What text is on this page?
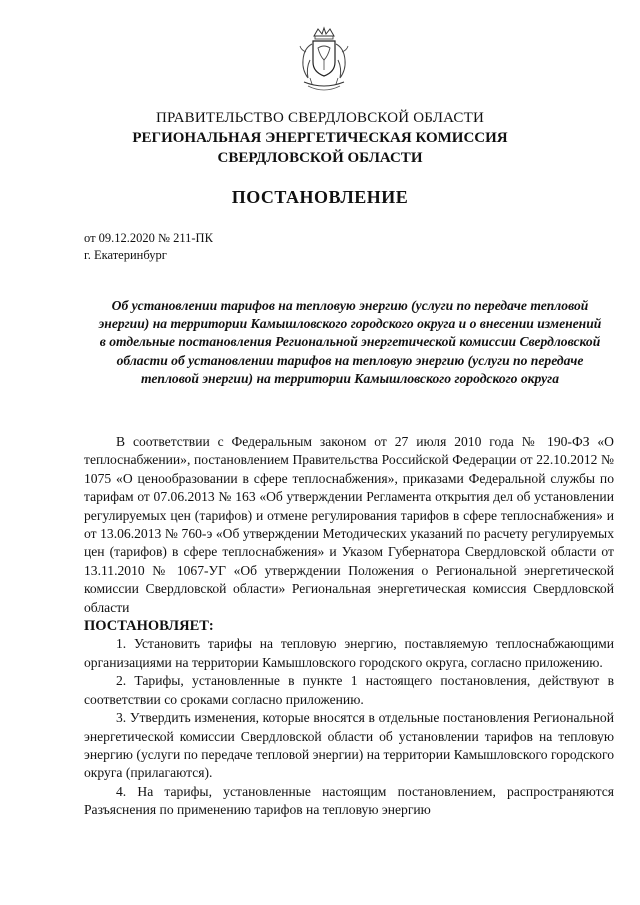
ПРАВИТЕЛЬСТВО СВЕРДЛОВСКОЙ ОБЛАСТИ
РЕГИОНАЛЬНАЯ ЭНЕРГЕТИЧЕСКАЯ КОМИССИЯ
СВЕРДЛОВСКОЙ ОБЛАСТИ
ПОСТАНОВЛЕНИЕ
от 09.12.2020 № 211-ПК
г. Екатеринбург
Об установлении тарифов на тепловую энергию (услуги по передаче тепловой энергии) на территории Камышловского городского округа и о внесении изменений в отдельные постановления Региональной энергетической комиссии Свердловской области об установлении тарифов на тепловую энергию (услуги по передаче тепловой энергии) на территории Камышловского городского округа

В соответствии с Федеральным законом от 27 июля 2010 года № 190-ФЗ «О теплоснабжении», постановлением Правительства Российской Федерации от 22.10.2012 № 1075 «О ценообразовании в сфере теплоснабжения», приказами Федеральной службы по тарифам от 07.06.2013 № 163 «Об утверждении Регламента открытия дел об установлении регулируемых цен (тарифов) и отмене регулирования тарифов в сфере теплоснабжения» и от 13.06.2013 № 760-э «Об утверждении Методических указаний по расчету регулируемых цен (тарифов) в сфере теплоснабжения» и Указом Губернатора Свердловской области от 13.11.2010 № 1067-УГ «Об утверждении Положения о Региональной энергетической комиссии Свердловской области» Региональная энергетическая комиссия Свердловской области

ПОСТАНОВЛЯЕТ:

1. Установить тарифы на тепловую энергию, поставляемую теплоснабжающими организациями на территории Камышловского городского округа, согласно приложению.

2. Тарифы, установленные в пункте 1 настоящего постановления, действуют в соответствии со сроками согласно приложению.

3. Утвердить изменения, которые вносятся в отдельные постановления Региональной энергетической комиссии Свердловской области об установлении тарифов на тепловую энергию (услуги по передаче тепловой энергии) на территории Камышловского городского округа (прилагаются).

4. На тарифы, установленные настоящим постановлением, распространяются Разъяснения по применению тарифов на тепловую энергию
